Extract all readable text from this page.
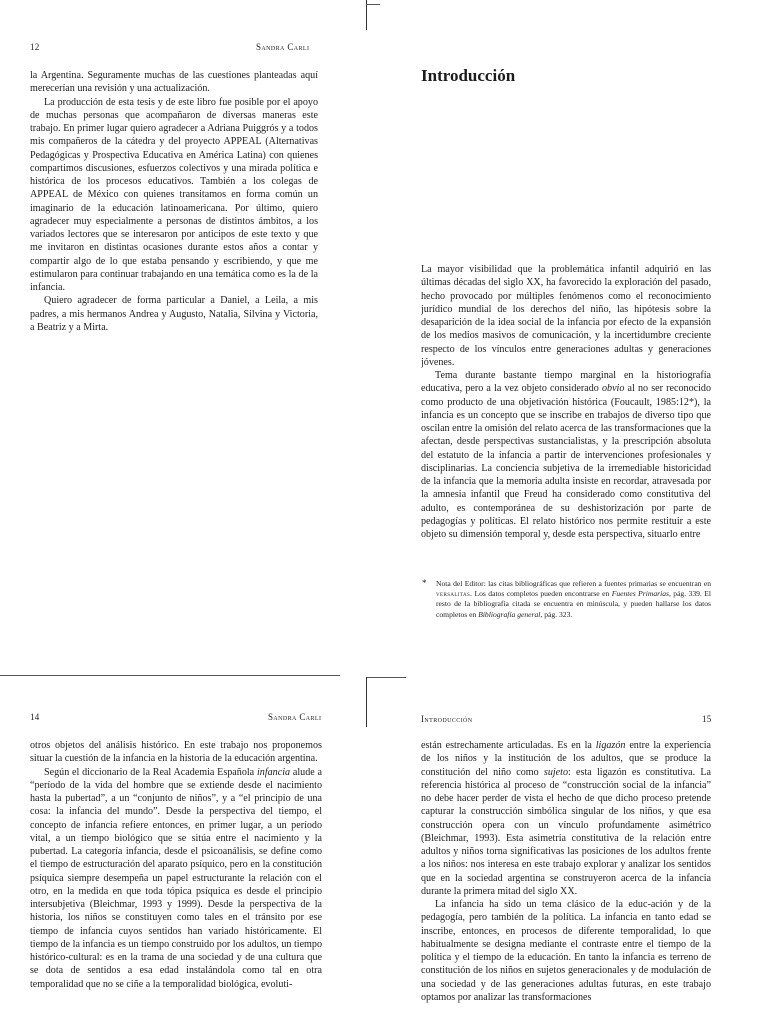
12	Sandra Carli

la Argentina. Seguramente muchas de las cuestiones planteadas aquí merecerían una revisión y una actualización.

La producción de esta tesis y de este libro fue posible por el apoyo de muchas personas que acompañaron de diversas maneras este trabajo. En primer lugar quiero agradecer a Adriana Puiggrós y a todos mis compañeros de la cátedra y del proyecto APPEAL (Alternativas Pedagógicas y Prospectiva Educativa en América Latina) con quienes compartimos discusiones, esfuerzos colectivos y una mirada política e histórica de los procesos educativos. También a los colegas de APPEAL de México con quienes transitamos en forma común un imaginario de la educación latinoamericana. Por último, quiero agradecer muy especialmente a personas de distintos ámbitos, a los variados lectores que se interesaron por anticipos de este texto y que me invitaron en distintas ocasiones durante estos años a contar y compartir algo de lo que estaba pensando y escribiendo, y que me estimularon para continuar trabajando en una temática como es la de la infancia.

Quiero agradecer de forma particular a Daniel, a Leila, a mis padres, a mis hermanos Andrea y Augusto, Natalia, Silvina y Victoria, a Beatriz y a Mirta.

Introducción

La mayor visibilidad que la problemática infantil adquirió en las últimas décadas del siglo XX, ha favorecido la exploración del pasado, hecho provocado por múltiples fenómenos como el reconocimiento jurídico mundial de los derechos del niño, las hipótesis sobre la desaparición de la idea social de la infancia por efecto de la expansión de los medios masivos de comunicación, y la incertidumbre creciente respecto de los vínculos entre generaciones adultas y generaciones jóvenes.

Tema durante bastante tiempo marginal en la historiografía educativa, pero a la vez objeto considerado obvio al no ser reconocido como producto de una objetivación histórica (Foucault, 1985:12*), la infancia es un concepto que se inscribe en trabajos de diverso tipo que oscilan entre la omisión del relato acerca de las transformaciones que la afectan, desde perspectivas sustancialistas, y la prescripción absoluta del estatuto de la infancia a partir de intervenciones profesionales y disciplinarias. La conciencia subjetiva de la irremediable historicidad de la infancia que la memoria adulta insiste en recordar, atravesada por la amnesia infantil que Freud ha considerado como constitutiva del adulto, es contemporánea de su deshistorización por parte de pedagogías y políticas. El relato histórico nos permite restituir a este objeto su dimensión temporal y, desde esta perspectiva, situarlo entre

* Nota del Editor: las citas bibliográficas que refieren a fuentes primarias se encuentran en versalitas. Los datos completos pueden encontrarse en Fuentes Primarias, pág. 339. El resto de la bibliografía citada se encuentra en minúscula, y pueden hallarse los datos completos en Bibliografía general, pág. 323.
14	Sandra Carli

otros objetos del análisis histórico. En este trabajo nos proponemos situar la cuestión de la infancia en la historia de la educación argentina.

Según el diccionario de la Real Academia Española infancia alude a “período de la vida del hombre que se extiende desde el nacimiento hasta la pubertad”, a un “conjunto de niños”, y a “el principio de una cosa: la infancia del mundo”. Desde la perspectiva del tiempo, el concepto de infancia refiere entonces, en primer lugar, a un período vital, a un tiempo biológico que se sitúa entre el nacimiento y la pubertad. La categoría infancia, desde el psicoanálisis, se define como el tiempo de estructuración del aparato psíquico, pero en la constitución psíquica siempre desempeña un papel estructurante la relación con el otro, en la medida en que toda tópica psíquica es desde el principio intersubjetiva (Bleichmar, 1993 y 1999). Desde la perspectiva de la historia, los niños se constituyen como tales en el tránsito por ese tiempo de infancia cuyos sentidos han variado históricamente. El tiempo de la infancia es un tiempo construido por los adultos, un tiempo histórico-cultural: es en la trama de una sociedad y de una cultura que se dota de sentidos a esa edad instalándola como tal en otra temporalidad que no se ciñe a la temporalidad biológica, evoluti-

Introducción	15

están estrechamente articuladas. Es en la ligazón entre la experiencia de los niños y la institución de los adultos, que se produce la constitución del niño como sujeto: esta ligazón es constitutiva. La referencia histórica al proceso de “construcción social de la infancia” no debe hacer perder de vista el hecho de que dicho proceso pretende capturar la construcción simbólica singular de los niños, y que esa construcción opera con un vínculo profundamente asimétrico (Bleichmar, 1993). Esta asimetría constitutiva de la relación entre adultos y niños torna significativas las posiciones de los adultos frente a los niños: nos interesa en este trabajo explorar y analizar los sentidos que en la sociedad argentina se construyeron acerca de la infancia durante la primera mitad del siglo XX.

La infancia ha sido un tema clásico de la educ-ación y de la pedagogía, pero también de la política. La infancia en tanto edad se inscribe, entonces, en procesos de diferente temporalidad, lo que habitualmente se designa mediante el contraste entre el tiempo de la política y el tiempo de la educación. En tanto la infancia es terreno de constitución de los niños en sujetos generacionales y de modulación de una sociedad y de las generaciones adultas futuras, en este trabajo optamos por analizar las transformaciones
